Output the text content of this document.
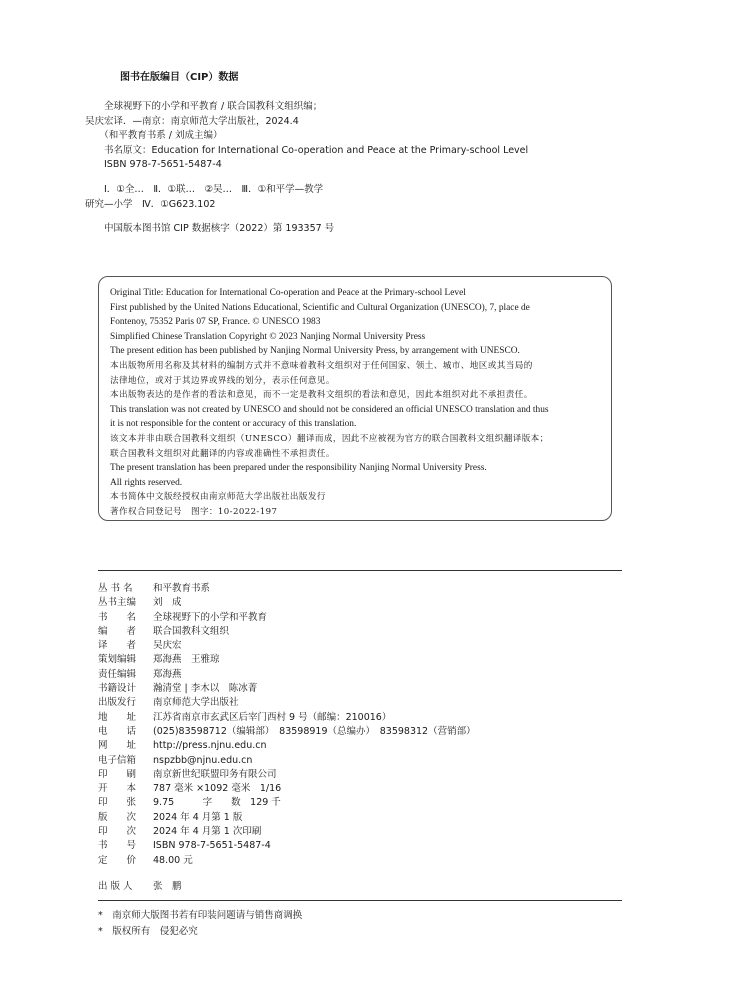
图书在版编目（CIP）数据
　　全球视野下的小学和平教育 / 联合国教科文组织编；
吴庆宏译．—南京：南京师范大学出版社，2024.4
　　（和平教育书系 / 刘成主编）
　　书名原文：Education for International Co-operation and Peace at the Primary-school Level
　　ISBN 978-7-5651-5487-4
　　Ⅰ．①全…　Ⅱ．①联…　②吴…　Ⅲ．①和平学—教学
研究—小学　Ⅳ．①G623.102
　　中国版本图书馆 CIP 数据核字（2022）第 193357 号
Original Title: Education for International Co-operation and Peace at the Primary-school Level
First published by the United Nations Educational, Scientific and Cultural Organization (UNESCO), 7, place de
Fontenoy, 75352 Paris 07 SP, France. © UNESCO 1983
Simplified Chinese Translation Copyright © 2023 Nanjing Normal University Press
The present edition has been published by Nanjing Normal University Press, by arrangement with UNESCO.
本出版物所用名称及其材料的编制方式并不意味着教科文组织对于任何国家、领土、城市、地区或其当局的
法律地位，或对于其边界或界线的划分，表示任何意见。
本出版物表达的是作者的看法和意见，而不一定是教科文组织的看法和意见，因此本组织对此不承担责任。
This translation was not created by UNESCO and should not be considered an official UNESCO translation and thus
it is not responsible for the content or accuracy of this translation.
该文本并非由联合国教科文组织（UNESCO）翻译而成，因此不应被视为官方的联合国教科文组织翻译版本；
联合国教科文组织对此翻译的内容或准确性不承担责任。
The present translation has been prepared under the responsibility Nanjing Normal University Press.
All rights reserved.
本书简体中文版经授权由南京师范大学出版社出版发行
著作权合同登记号　图字：10-2022-197
丛 书 名	和平教育书系
丛书主编	刘　成
书　　名	全球视野下的小学和平教育
编　　者	联合国教科文组织
译　　者	吴庆宏
策划编辑	郑海燕　王雅琼
责任编辑	郑海燕
书籍设计	瀚清堂 | 李木以　陈冰菁
出版发行	南京师范大学出版社
地　　址	江苏省南京市玄武区后宰门西村 9 号（邮编：210016）
电　　话	(025)83598712（编辑部）　83598919（总编办）　83598312（营销部）
网　　址	http://press.njnu.edu.cn
电子信箱	nspzbb@njnu.edu.cn
印　　刷	南京新世纪联盟印务有限公司
开　　本	787 毫米 ×1092 毫米　1/16
印　　张	9.75　　　字　　数　129 千
版　　次	2024 年 4 月第 1 版
印　　次	2024 年 4 月第 1 次印刷
书　　号	ISBN 978-7-5651-5487-4
定　　价	48.00 元
出 版 人	张　鹏
*　南京师大版图书若有印装问题请与销售商调换
*　版权所有　侵犯必究
